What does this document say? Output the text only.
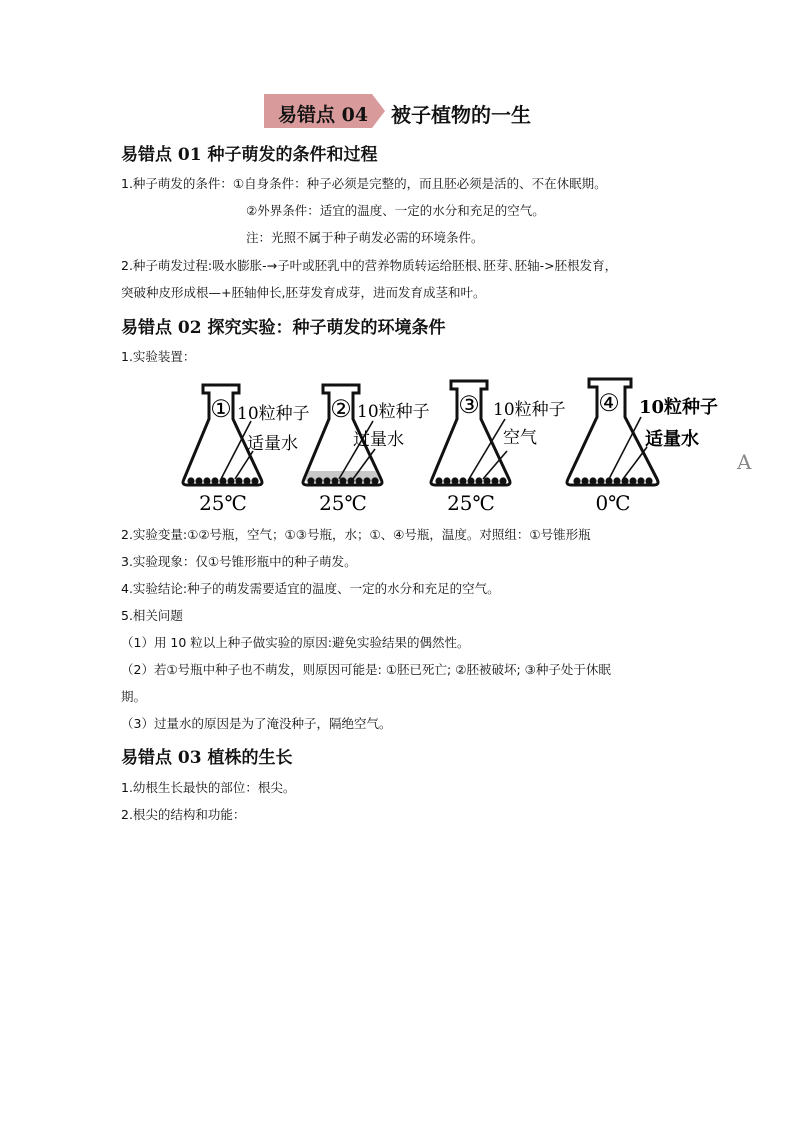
易错点 04 被子植物的一生
易错点 01 种子萌发的条件和过程
1.种子萌发的条件：①自身条件：种子必须是完整的，而且胚必须是活的、不在休眠期。
②外界条件：适宜的温度、一定的水分和充足的空气。
注：光照不属于种子萌发必需的环境条件。
2.种子萌发过程:吸水膨胀-→子叶或胚乳中的营养物质转运给胚根､胚芽､胚轴->胚根发育，
突破种皮形成根—+胚轴伸长,胚芽发育成芽，进而发育成茎和叶。
易错点 02 探究实验：种子萌发的环境条件
1.实验装置：
① 10粒种子
适量水
25℃
② 10粒种子
过量水
25℃
③ 10粒种子
空气
25℃
④ 10粒种子
适量水
0℃
A
2.实验变量:①②号瓶，空气；①③号瓶，水；①、④号瓶，温度。对照组：①号锥形瓶
3.实验现象：仅①号锥形瓶中的种子萌发。
4.实验结论:种子的萌发需要适宜的温度、一定的水分和充足的空气。
5.相关问题
（1）用 10 粒以上种子做实验的原因:避免实验结果的偶然性。
（2）若①号瓶中种子也不萌发，则原因可能是: ①胚已死亡; ②胚被破坏; ③种子处于休眠
期。
（3）过量水的原因是为了淹没种子，隔绝空气。
易错点 03 植株的生长
1.幼根生长最快的部位：根尖。
2.根尖的结构和功能：
